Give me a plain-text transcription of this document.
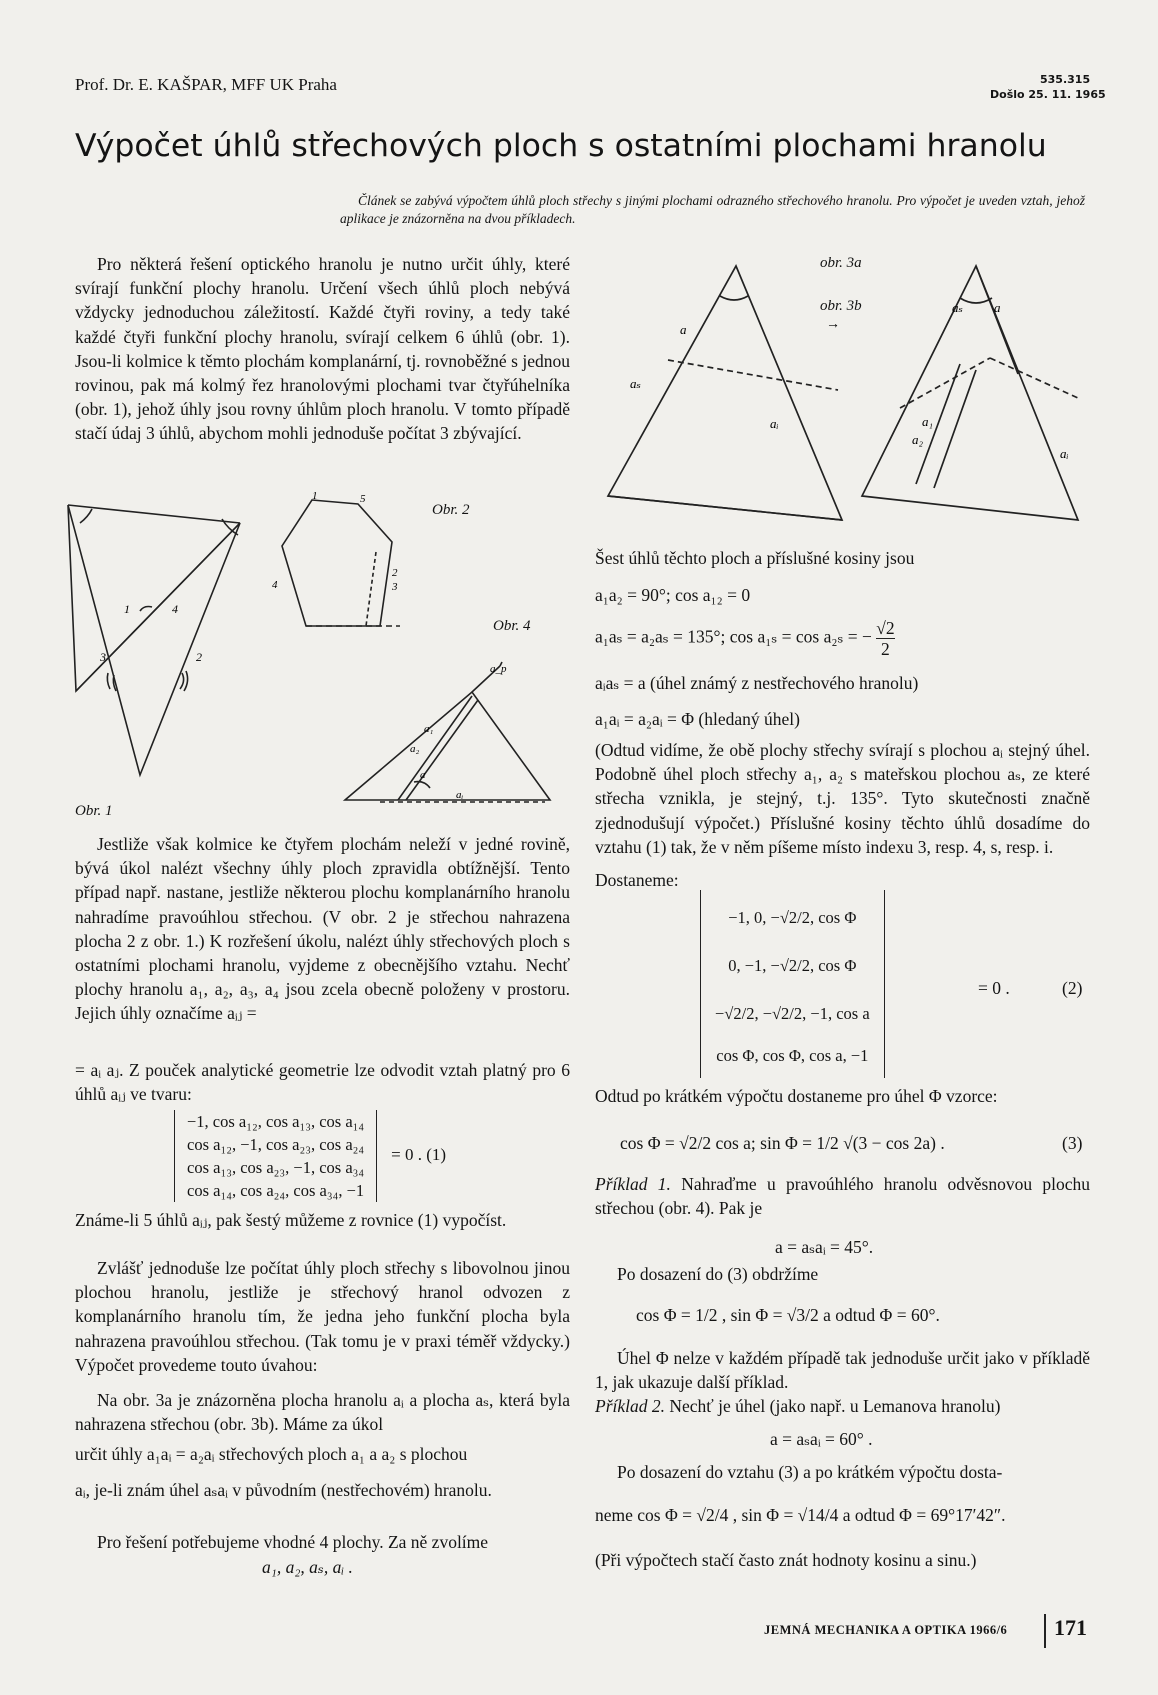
Prof. Dr. E. KAŠPAR, MFF UK Praha	535.315
Došlo 25. 11. 1965
Výpočet úhlů střechových ploch s ostatními plochami hranolu
Článek se zabývá výpočtem úhlů ploch střechy s jinými plochami odrazného střechového hranolu. Pro výpočet je uveden vztah, jehož aplikace je znázorněna na dvou příkladech.

Pro některá řešení optického hranolu je nutno určit úhly, které svírají funkční plochy hranolu. Určení všech úhlů ploch nebývá vždycky jednoduchou záležitostí. Každé čtyři roviny, a tedy také každé čtyři funkční plochy hranolu, svírají celkem 6 úhlů (obr. 1). Jsou-li kolmice k těmto plochám komplanární, tj. rovnoběžné s jednou rovinou, pak má kolmý řez hranolovými plochami tvar čtyřúhelníka (obr. 1), jehož úhly jsou rovny úhlům ploch hranolu. V tomto případě stačí údaj 3 úhlů, abychom mohli jednoduše počítat 3 zbývající.

1	4
3	2
Obr. 1
1	5
4
2
3
Obr. 2
a_p
a₁
a₂
a
aᵢ
Obr. 4

Jestliže však kolmice ke čtyřem plochám neleží v jedné rovině, bývá úkol nalézt všechny úhly ploch zpravidla obtížnější. Tento případ např. nastane, jestliže některou plochu komplanárního hranolu nahradíme pravoúhlou střechou. (V obr. 2 je střechou nahrazena plocha 2 z obr. 1.) K rozřešení úkolu, nalézt úhly střechových ploch s ostatními plochami hranolu, vyjdeme z obecnějšího vztahu. Nechť plochy hranolu a₁, a₂, a₃, a₄ jsou zcela obecně položeny v prostoru. Jejich úhly označíme aᵢⱼ =

= aᵢ aⱼ. Z pouček analytické geometrie lze odvodit vztah platný pro 6 úhlů aᵢⱼ ve tvaru:

−1, cos a₁₂, cos a₁₃, cos a₁₄
cos a₁₂, −1, cos a₂₃, cos a₂₄
cos a₁₃, cos a₂₃, −1, cos a₃₄
cos a₁₄, cos a₂₄, cos a₃₄, −1
= 0 . (1)

Známe-li 5 úhlů aᵢⱼ, pak šestý můžeme z rovnice (1) vypočíst.

Zvlášť jednoduše lze počítat úhly ploch střechy s libovolnou jinou plochou hranolu, jestliže je střechový hranol odvozen z komplanárního hranolu tím, že jedna jeho funkční plocha byla nahrazena pravoúhlou střechou. (Tak tomu je v praxi téměř vždycky.) Výpočet provedeme touto úvahou:

Na obr. 3a je znázorněna plocha hranolu aᵢ a plocha aₛ, která byla nahrazena střechou (obr. 3b). Máme za úkol

určit úhly a₁aᵢ = a₂aᵢ střechových ploch a₁ a a₂ s plochou

aᵢ, je-li znám úhel aₛaᵢ v původním (nestřechovém) hranolu.

Pro řešení potřebujeme vhodné 4 plochy. Za ně zvolíme

a₁, a₂, aₛ, aᵢ .
a
aₛ
aᵢ
aₛ a
a₁
a₂
aᵢ
→
obr. 3a
obr. 3b

Šest úhlů těchto ploch a příslušné kosiny jsou

a₁a₂ = 90°; cos a₁₂ = 0
a₁aₛ = a₂aₛ = 135°; cos a₁ₛ = cos a₂ₛ = − $\frac{√2}{2}$
aᵢaₛ = a (úhel známý z nestřechového hranolu)
a₁aᵢ = a₂aᵢ = Φ (hledaný úhel)

(Odtud vidíme, že obě plochy střechy svírají s plochou aᵢ stejný úhel. Podobně úhel ploch střechy a₁, a₂ s mateřskou plochou aₛ, ze které střecha vznikla, je stejný, t.j. 135°. Tyto skutečnosti značně zjednodušují výpočet.) Příslušné kosiny těchto úhlů dosadíme do vztahu (1) tak, že v něm píšeme místo indexu 3, resp. 4, s, resp. i.

Dostaneme:

−1, 0, −√2/2, cos Φ
0, −1, −√2/2, cos Φ
−√2/2, −√2/2, −1, cos a
cos Φ, cos Φ, cos a, −1
= 0 .	(2)

Odtud po krátkém výpočtu dostaneme pro úhel Φ vzorce:

cos Φ = √2/2 cos a; sin Φ = 1/2 √(3 − cos 2a) .	(3)

Příklad 1. Nahraďme u pravoúhlého hranolu odvěsnovou plochu střechou (obr. 4). Pak je

a = aₛaᵢ = 45°.

Po dosazení do (3) obdržíme

cos Φ = 1/2 , sin Φ = √3/2 a odtud Φ = 60°.

Úhel Φ nelze v každém případě tak jednoduše určit jako v příkladě 1, jak ukazuje další příklad.

Příklad 2. Nechť je úhel (jako např. u Lemanova hranolu)

a = aₛaᵢ = 60° .

Po dosazení do vztahu (3) a po krátkém výpočtu dosta-

neme cos Φ = √2/4 , sin Φ = √14/4 a odtud Φ = 69°17′42″.

(Při výpočtech stačí často znát hodnoty kosinu a sinu.)

JEMNÁ MECHANIKA A OPTIKA 1966/6 171
